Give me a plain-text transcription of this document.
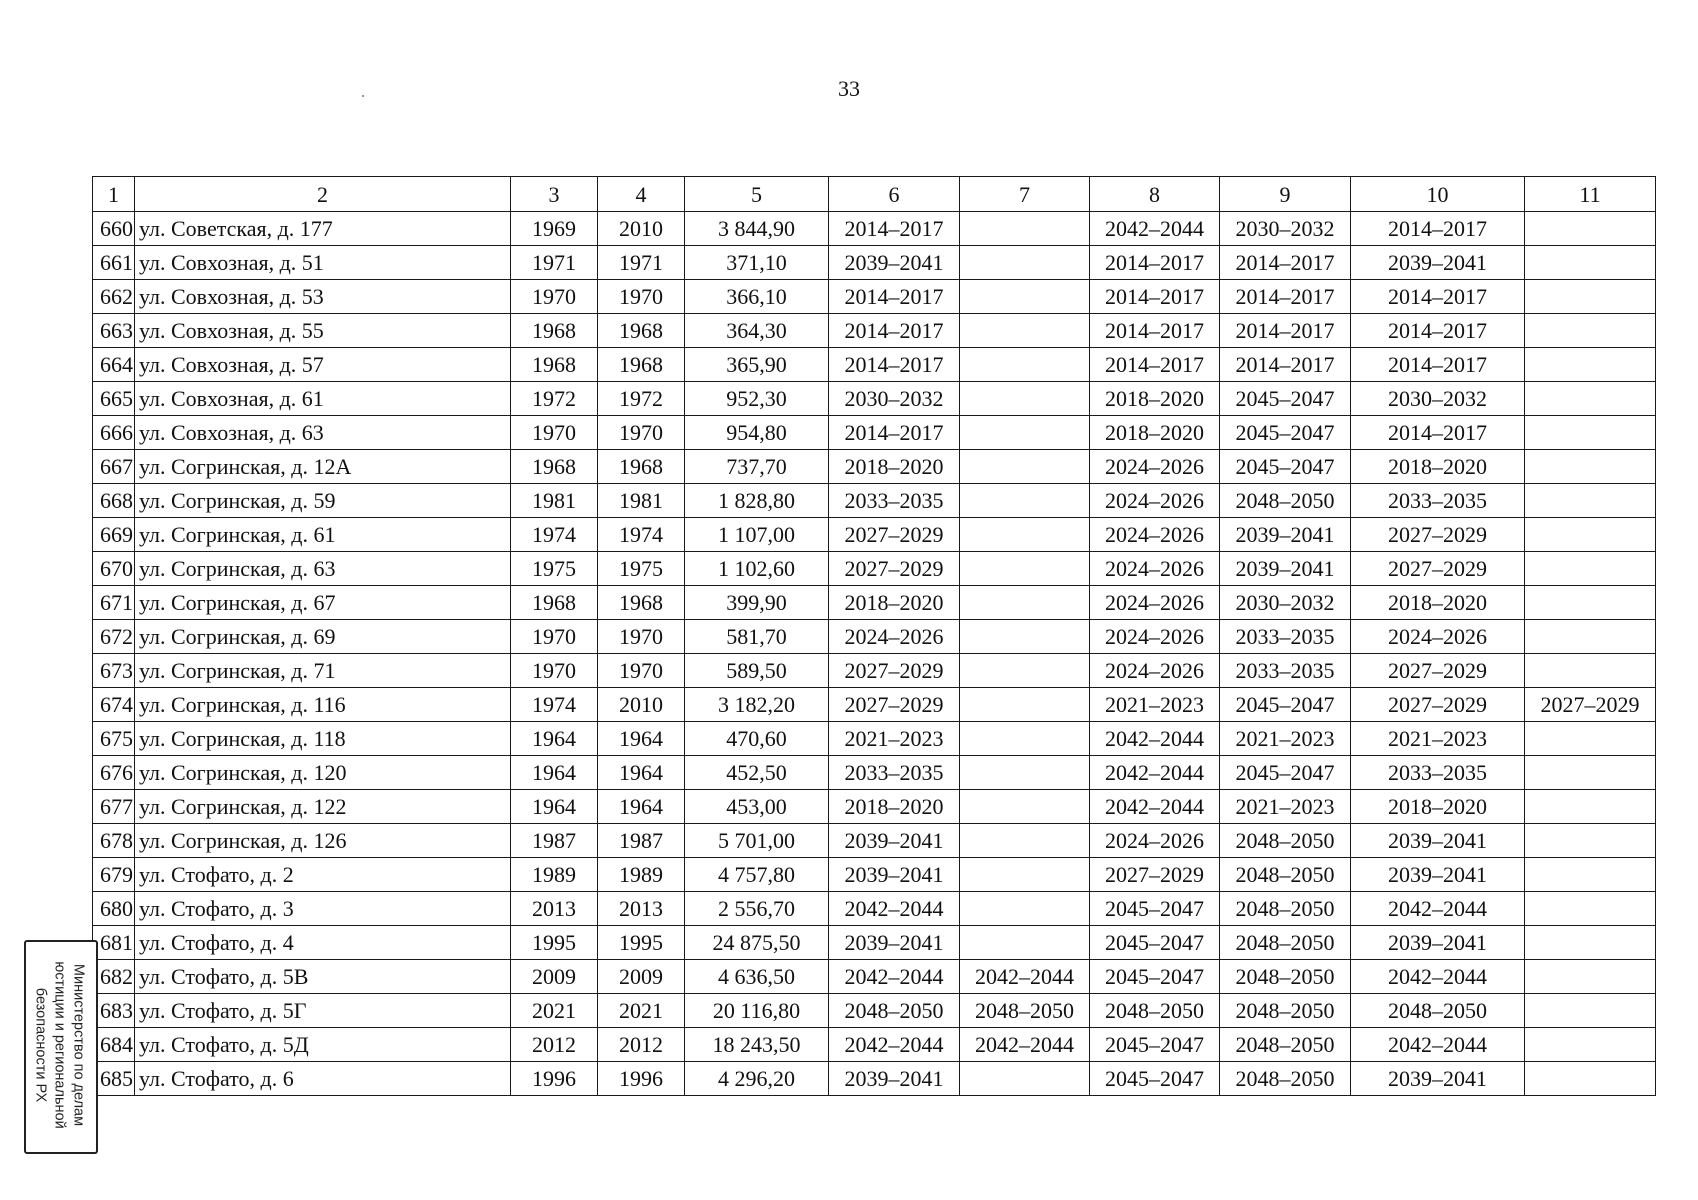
33
1	2	3	4	5	6	7	8	9	10	11
660	ул. Советская, д. 177	1969	2010	3 844,90	2014–2017		2042–2044	2030–2032	2014–2017	
661	ул. Совхозная, д. 51	1971	1971	371,10	2039–2041		2014–2017	2014–2017	2039–2041	
662	ул. Совхозная, д. 53	1970	1970	366,10	2014–2017		2014–2017	2014–2017	2014–2017	
663	ул. Совхозная, д. 55	1968	1968	364,30	2014–2017		2014–2017	2014–2017	2014–2017	
664	ул. Совхозная, д. 57	1968	1968	365,90	2014–2017		2014–2017	2014–2017	2014–2017	
665	ул. Совхозная, д. 61	1972	1972	952,30	2030–2032		2018–2020	2045–2047	2030–2032	
666	ул. Совхозная, д. 63	1970	1970	954,80	2014–2017		2018–2020	2045–2047	2014–2017	
667	ул. Согринская, д. 12А	1968	1968	737,70	2018–2020		2024–2026	2045–2047	2018–2020	
668	ул. Согринская, д. 59	1981	1981	1 828,80	2033–2035		2024–2026	2048–2050	2033–2035	
669	ул. Согринская, д. 61	1974	1974	1 107,00	2027–2029		2024–2026	2039–2041	2027–2029	
670	ул. Согринская, д. 63	1975	1975	1 102,60	2027–2029		2024–2026	2039–2041	2027–2029	
671	ул. Согринская, д. 67	1968	1968	399,90	2018–2020		2024–2026	2030–2032	2018–2020	
672	ул. Согринская, д. 69	1970	1970	581,70	2024–2026		2024–2026	2033–2035	2024–2026	
673	ул. Согринская, д. 71	1970	1970	589,50	2027–2029		2024–2026	2033–2035	2027–2029	
674	ул. Согринская, д. 116	1974	2010	3 182,20	2027–2029		2021–2023	2045–2047	2027–2029	2027–2029
675	ул. Согринская, д. 118	1964	1964	470,60	2021–2023		2042–2044	2021–2023	2021–2023	
676	ул. Согринская, д. 120	1964	1964	452,50	2033–2035		2042–2044	2045–2047	2033–2035	
677	ул. Согринская, д. 122	1964	1964	453,00	2018–2020		2042–2044	2021–2023	2018–2020	
678	ул. Согринская, д. 126	1987	1987	5 701,00	2039–2041		2024–2026	2048–2050	2039–2041	
679	ул. Стофато, д. 2	1989	1989	4 757,80	2039–2041		2027–2029	2048–2050	2039–2041	
680	ул. Стофато, д. 3	2013	2013	2 556,70	2042–2044		2045–2047	2048–2050	2042–2044	
681	ул. Стофато, д. 4	1995	1995	24 875,50	2039–2041		2045–2047	2048–2050	2039–2041	
682	ул. Стофато, д. 5В	2009	2009	4 636,50	2042–2044	2042–2044	2045–2047	2048–2050	2042–2044	
683	ул. Стофато, д. 5Г	2021	2021	20 116,80	2048–2050	2048–2050	2048–2050	2048–2050	2048–2050	
684	ул. Стофато, д. 5Д	2012	2012	18 243,50	2042–2044	2042–2044	2045–2047	2048–2050	2042–2044	
685	ул. Стофато, д. 6	1996	1996	4 296,20	2039–2041		2045–2047	2048–2050	2039–2041	
Министерство по делам
юстиции и региональной
безопасности РХ
